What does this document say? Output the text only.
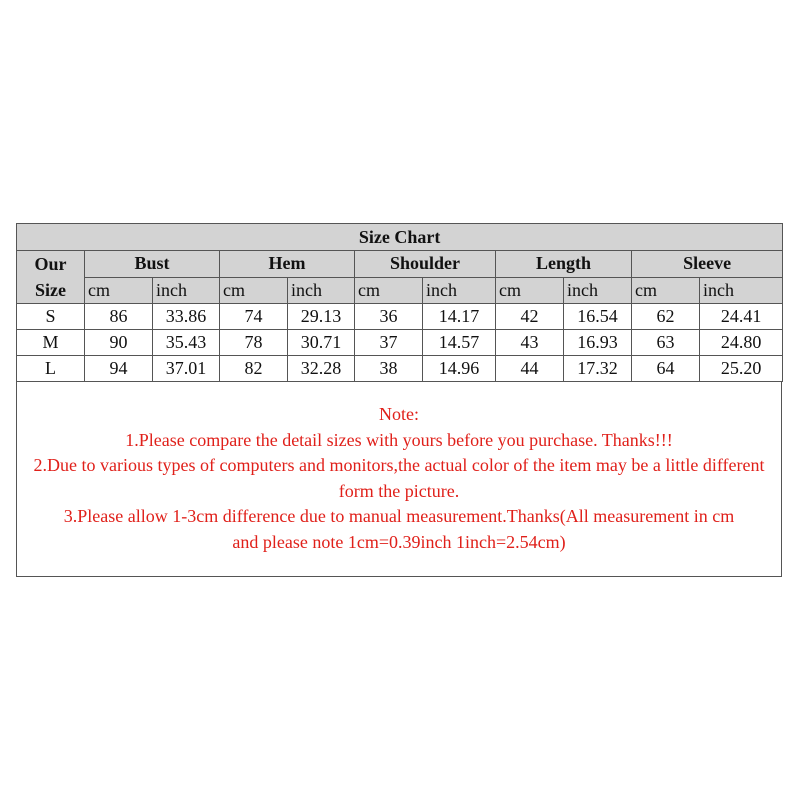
Size Chart										

Our
Size	Bust		Hem		Shoulder		Length		Sleeve	
	cm	inch	cm	inch	cm	inch	cm	inch	cm	inch
S	86	33.86	74	29.13	36	14.17	42	16.54	62	24.41
M	90	35.43	78	30.71	37	14.57	43	16.93	63	24.80
L	94	37.01	82	32.28	38	14.96	44	17.32	64	25.20
Note:
1.Please compare the detail sizes with yours before you purchase. Thanks!!!
2.Due to various types of computers and monitors,the actual color of the item may be a little different form the picture.
3.Please allow 1-3cm difference due to manual measurement.Thanks(All measurement in cm and please note 1cm=0.39inch 1inch=2.54cm)
